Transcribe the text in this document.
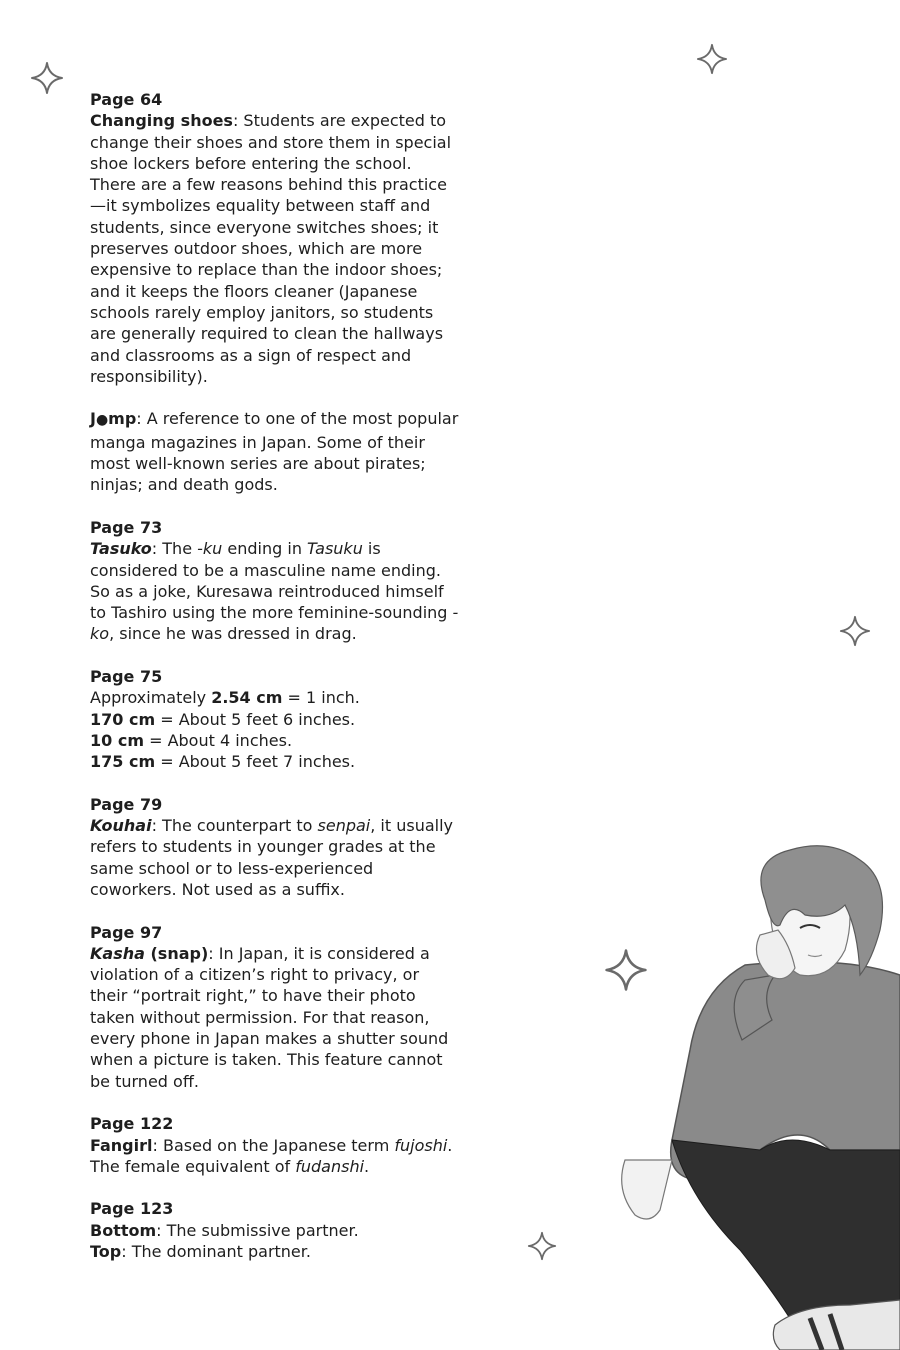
Page 64

Changing shoes: Students are expected to change their shoes and store them in special shoe lockers before entering the school. There are a few reasons behind this practice—it symbolizes equality between staff and students, since everyone switches shoes; it preserves outdoor shoes, which are more expensive to replace than the indoor shoes; and it keeps the floors cleaner (Japanese schools rarely employ janitors, so students are generally required to clean the hallways and classrooms as a sign of respect and responsibility).

J●mp: A reference to one of the most popular manga magazines in Japan. Some of their most well-known series are about pirates; ninjas; and death gods.

Page 73

Tasuko: The -ku ending in Tasuku is considered to be a masculine name ending. So as a joke, Kuresawa reintroduced himself to Tashiro using the more feminine-sounding -ko, since he was dressed in drag.

Page 75

Approximately 2.54 cm = 1 inch.
170 cm = About 5 feet 6 inches.
10 cm = About 4 inches.
175 cm = About 5 feet 7 inches.

Page 79

Kouhai: The counterpart to senpai, it usually refers to students in younger grades at the same school or to less-experienced coworkers. Not used as a suffix.

Page 97

Kasha (snap): In Japan, it is considered a violation of a citizen’s right to privacy, or their “portrait right,” to have their photo taken without permission. For that reason, every phone in Japan makes a shutter sound when a picture is taken. This feature cannot be turned off.

Page 122

Fangirl: Based on the Japanese term fujoshi. The female equivalent of fudanshi.

Page 123

Bottom: The submissive partner.
Top: The dominant partner.
